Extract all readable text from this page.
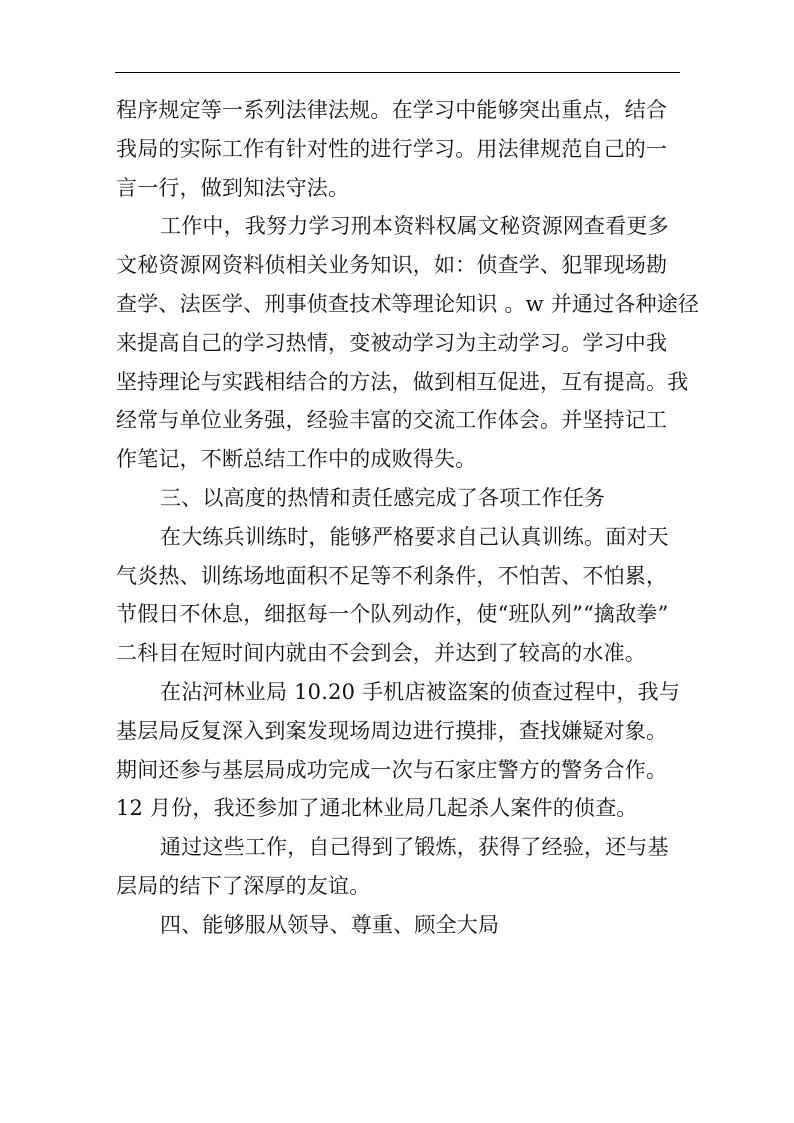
程序规定等一系列法律法规。在学习中能够突出重点，结合
我局的实际工作有针对性的进行学习。用法律规范自己的一
言一行，做到知法守法。
工作中，我努力学习刑本资料权属文秘资源网查看更多
文秘资源网资料侦相关业务知识，如：侦查学、犯罪现场勘
查学、法医学、刑事侦查技术等理论知识 。w 并通过各种途径
来提高自己的学习热情，变被动学习为主动学习。学习中我
坚持理论与实践相结合的方法，做到相互促进，互有提高。我
经常与单位业务强，经验丰富的交流工作体会。并坚持记工
作笔记，不断总结工作中的成败得失。
三、以高度的热情和责任感完成了各项工作任务
在大练兵训练时，能够严格要求自己认真训练。面对天
气炎热、训练场地面积不足等不利条件，不怕苦、不怕累，
节假日不休息，细抠每一个队列动作，使“班队列”“擒敌拳”
二科目在短时间内就由不会到会，并达到了较高的水准。
在沾河林业局 10.20 手机店被盗案的侦查过程中，我与
基层局反复深入到案发现场周边进行摸排，查找嫌疑对象。
期间还参与基层局成功完成一次与石家庄警方的警务合作。
12 月份，我还参加了通北林业局几起杀人案件的侦查。
通过这些工作，自己得到了锻炼，获得了经验，还与基
层局的结下了深厚的友谊。
四、能够服从领导、尊重、顾全大局
